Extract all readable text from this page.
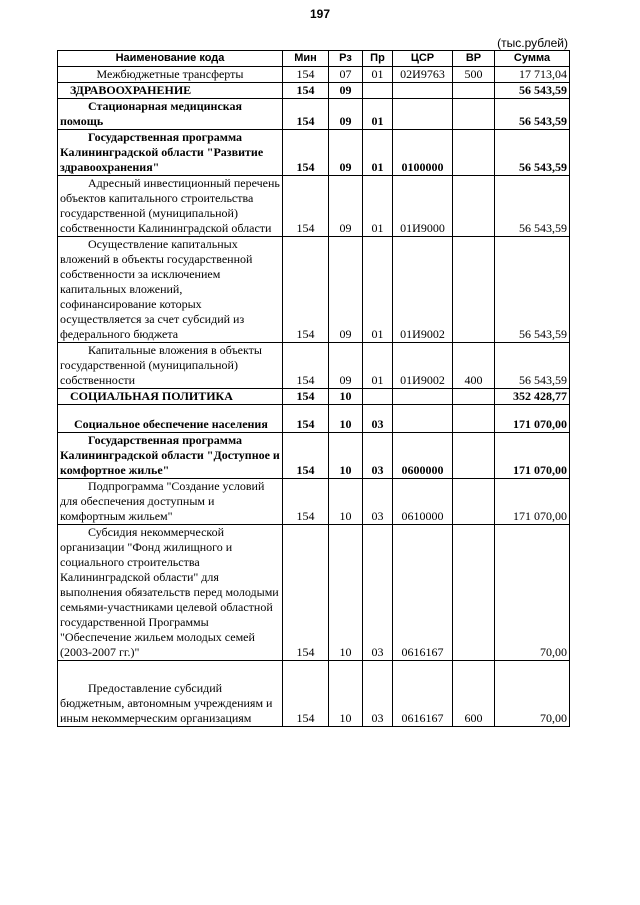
197
(тыс.рублей)
Наименование кода	Мин	Рз	Пр	ЦСР	ВР	Сумма
Межбюджетные трансферты	154	07	01	02И9763	500	17 713,04
ЗДРАВООХРАНЕНИЕ	154	09				56 543,59
Стационарная медицинская помощь	154	09	01			56 543,59
Государственная программа Калининградской области "Развитие здравоохранения"	154	09	01	0100000		56 543,59
Адресный инвестиционный перечень объектов капитального строительства государственной (муниципальной) собственности Калининградской области	154	09	01	01И9000		56 543,59
Осуществление капитальных вложений в объекты государственной собственности за исключением капитальных вложений, софинансирование которых осуществляется за счет субсидий из федерального бюджета	154	09	01	01И9002		56 543,59
Капитальные вложения в объекты государственной (муниципальной) собственности	154	09	01	01И9002	400	56 543,59
СОЦИАЛЬНАЯ ПОЛИТИКА	154	10				352 428,77
Социальное обеспечение населения	154	10	03			171 070,00
Государственная программа Калининградской области "Доступное и комфортное жилье"	154	10	03	0600000		171 070,00
Подпрограмма "Создание условий для обеспечения доступным и комфортным жильем"	154	10	03	0610000		171 070,00
Субсидия некоммерческой организации "Фонд жилищного и социального строительства Калининградской области" для выполнения обязательств перед молодыми семьями-участниками целевой областной государственной Программы "Обеспечение жильем молодых семей (2003-2007 гг.)"	154	10	03	0616167		70,00
Предоставление субсидий бюджетным, автономным учреждениям и иным некоммерческим организациям	154	10	03	0616167	600	70,00
